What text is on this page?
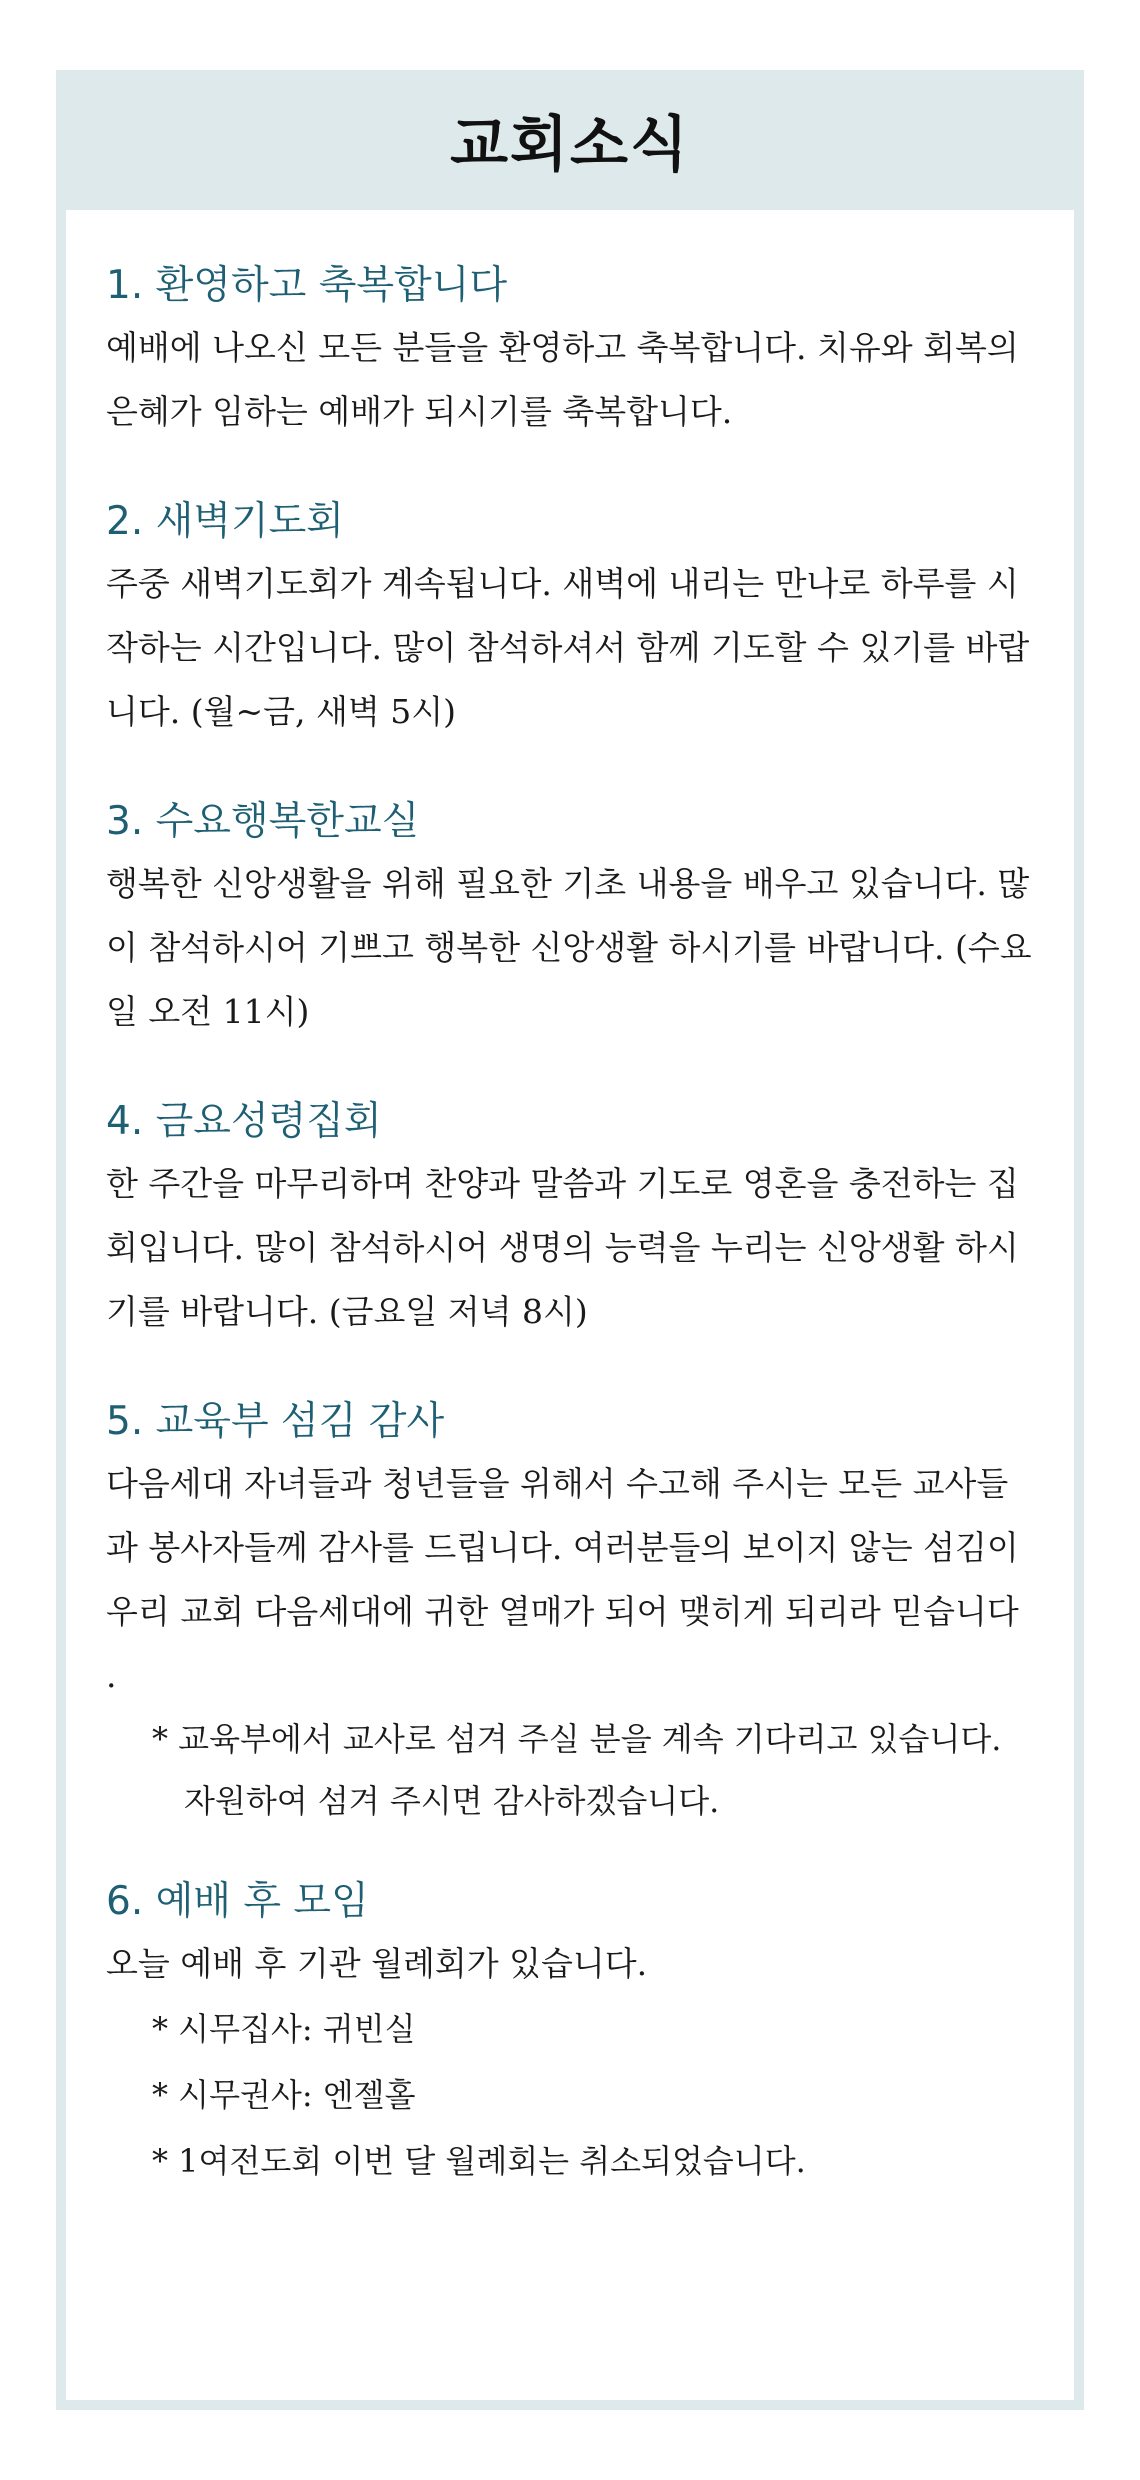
교회소식
1. 환영하고 축복합니다

예배에 나오신 모든 분들을 환영하고 축복합니다. 치유와 회복의 은혜가 임하는 예배가 되시기를 축복합니다.

2. 새벽기도회

주중 새벽기도회가 계속됩니다. 새벽에 내리는 만나로 하루를 시작하는 시간입니다. 많이 참석하셔서 함께 기도할 수 있기를 바랍니다. (월~금, 새벽 5시)

3. 수요행복한교실

행복한 신앙생활을 위해 필요한 기초 내용을 배우고 있습니다. 많이 참석하시어 기쁘고 행복한 신앙생활 하시기를 바랍니다. (수요일 오전 11시)

4. 금요성령집회

한 주간을 마무리하며 찬양과 말씀과 기도로 영혼을 충전하는 집회입니다. 많이 참석하시어 생명의 능력을 누리는 신앙생활 하시기를 바랍니다. (금요일 저녁 8시)

5. 교육부 섬김 감사

다음세대 자녀들과 청년들을 위해서 수고해 주시는 모든 교사들과 봉사자들께 감사를 드립니다. 여러분들의 보이지 않는 섬김이 우리 교회 다음세대에 귀한 열매가 되어 맺히게 되리라 믿습니다 .

* 교육부에서 교사로 섬겨 주실 분을 계속 기다리고 있습니다. 자원하여 섬겨 주시면 감사하겠습니다.

6. 예배 후 모임

오늘 예배 후 기관 월례회가 있습니다.

* 시무집사: 귀빈실

* 시무권사: 엔젤홀

* 1여전도회 이번 달 월례회는 취소되었습니다.
